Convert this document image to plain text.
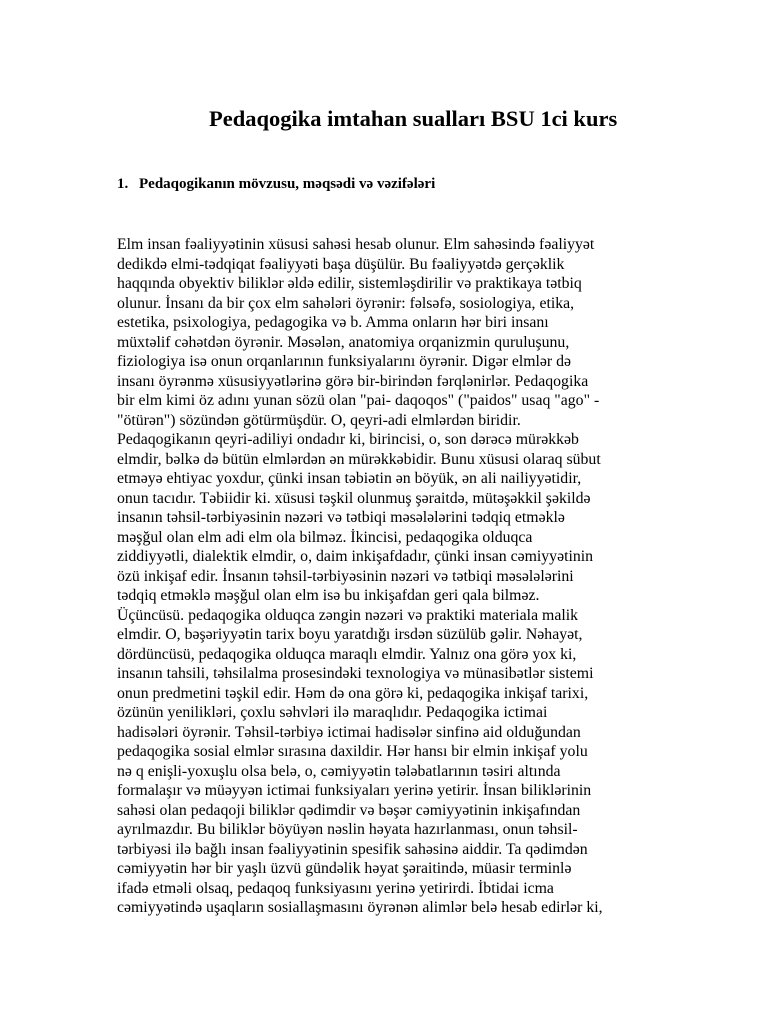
Pedaqogika imtahan sualları BSU 1ci kurs
1. Pedaqogikanın mövzusu, məqsədi və vəzifələri
Elm insan fəaliyyətinin xüsusi sahəsi hesab olunur. Elm sahəsində fəaliyyət
dedikdə elmi-tədqiqat fəaliyyəti başa düşülür. Bu fəaliyyətdə gerçəklik
haqqında obyektiv biliklər əldə edilir, sistemləşdirilir və praktikaya tətbiq
olunur. İnsanı da bir çox elm sahələri öyrənir: fəlsəfə, sosiologiya, etika,
estetika, psixologiya, pedagogika və b. Amma onların hər biri insanı
müxtəlif cəhətdən öyrənir. Məsələn, anatomiya orqanizmin quruluşunu,
fiziologiya isə onun orqanlarının funksiyalarını öyrənir. Digər elmlər də
insanı öyrənmə xüsusiyyətlərinə görə bir-birindən fərqlənirlər. Pedaqogika
bir elm kimi öz adını yunan sözü olan "pai- daqoqos" ("paidos" usaq "ago" -
"ötürən") sözündən götürmüşdür. O, qeyri-adi elmlərdən biridir.
Pedaqogikanın qeyri-adiliyi ondadır ki, birincisi, o, son dərəcə mürəkkəb
elmdir, bəlkə də bütün elmlərdən ən mürəkkəbidir. Bunu xüsusi olaraq sübut
etməyə ehtiyac yoxdur, çünki insan təbiətin ən böyük, ən ali nailiyyətidir,
onun tacıdır. Təbiidir ki. xüsusi təşkil olunmuş şəraitdə, mütəşəkkil şəkildə
insanın təhsil-tərbiyəsinin nəzəri və tətbiqi məsələlərini tədqiq etməklə
məşğul olan elm adi elm ola bilməz. İkincisi, pedaqogika olduqca
ziddiyyətli, dialektik elmdir, o, daim inkişafdadır, çünki insan cəmiyyətinin
özü inkişaf edir. İnsanın təhsil-tərbiyəsinin nəzəri və tətbiqi məsələlərini
tədqiq etməklə məşğul olan elm isə bu inkişafdan geri qala bilməz.
Üçüncüsü. pedaqogika olduqca zəngin nəzəri və praktiki materiala malik
elmdir. O, bəşəriyyətin tarix boyu yaratdığı irsdən süzülüb gəlir. Nəhayət,
dördüncüsü, pedaqogika olduqca maraqlı elmdir. Yalnız ona görə yox ki,
insanın tahsili, təhsilalma prosesindəki texnologiya və münasibətlər sistemi
onun predmetini təşkil edir. Həm də ona görə ki, pedaqogika inkişaf tarixi,
özünün yenilikləri, çoxlu səhvləri ilə maraqlıdır. Pedaqogika ictimai
hadisələri öyrənir. Təhsil-tərbiyə ictimai hadisələr sinfinə aid olduğundan
pedaqogika sosial elmlər sırasına daxildir. Hər hansı bir elmin inkişaf yolu
nə q enişli-yoxuşlu olsa belə, o, cəmiyyətin tələbatlarının təsiri altında
formalaşır və müəyyən ictimai funksiyaları yerinə yetirir. İnsan biliklərinin
sahəsi olan pedaqoji biliklər qədimdir və bəşər cəmiyyətinin inkişafından
ayrılmazdır. Bu biliklər böyüyən nəslin həyata hazırlanması, onun təhsil-
tərbiyəsi ilə bağlı insan fəaliyyətinin spesifik sahəsinə aiddir. Ta qədimdən
cəmiyyətin hər bir yaşlı üzvü gündəlik həyat şəraitində, müasir terminlə
ifadə etməli olsaq, pedaqoq funksiyasını yerinə yetirirdi. İbtidai icma
cəmiyyətində uşaqların sosiallaşmasını öyrənən alimlər belə hesab edirlər ki,
